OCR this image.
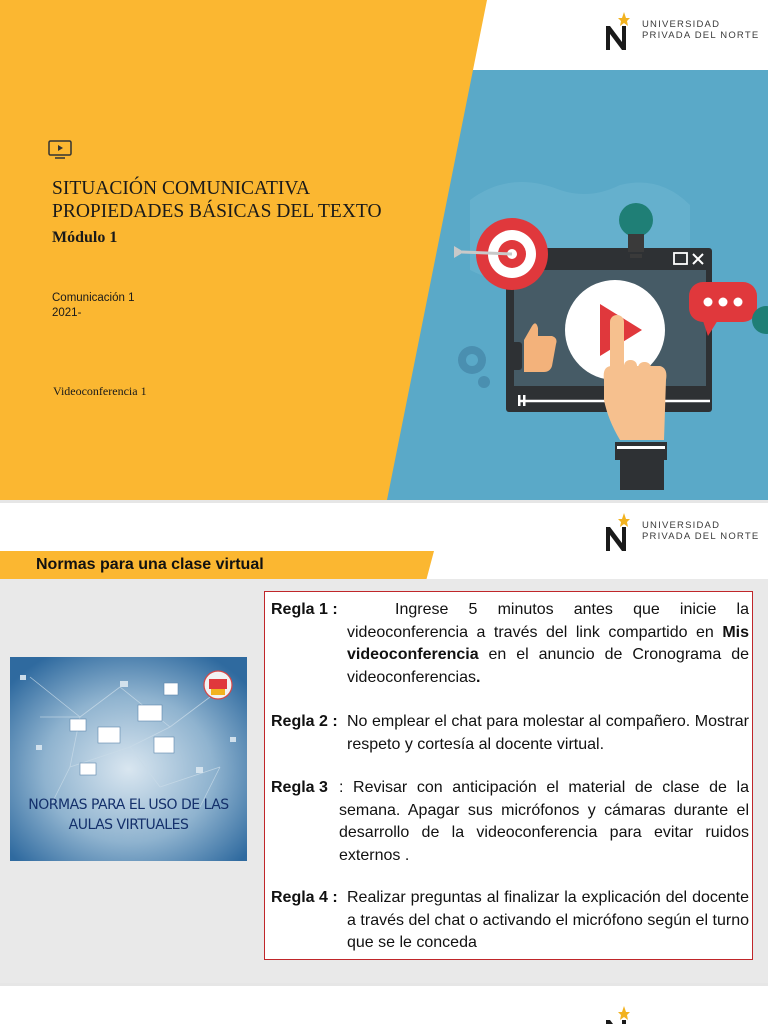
UNIVERSIDAD
PRIVADA DEL NORTE
SITUACIÓN COMUNICATIVA
PROPIEDADES BÁSICAS DEL TEXTO
Módulo 1
Comunicación 1
2021-
Videoconferencia 1
UNIVERSIDAD
PRIVADA DEL NORTE
Normas para una clase virtual
NORMAS PARA EL USO DE LAS
AULAS VIRTUALES
Regla 1 :	Ingrese 5 minutos antes que inicie la videoconferencia a través del link compartido en Mis videoconferencia en el anuncio de Cronograma de videoconferencias.
Regla 2 : No emplear el chat para molestar al compañero. Mostrar respeto y cortesía al docente virtual.
Regla 3 : Revisar con anticipación el material de clase de la semana. Apagar sus micrófonos y cámaras durante el desarrollo de la videoconferencia para evitar ruidos externos .
Regla 4 : Realizar preguntas al finalizar la explicación del docente a través del chat o activando el micrófono según el turno que se le conceda
